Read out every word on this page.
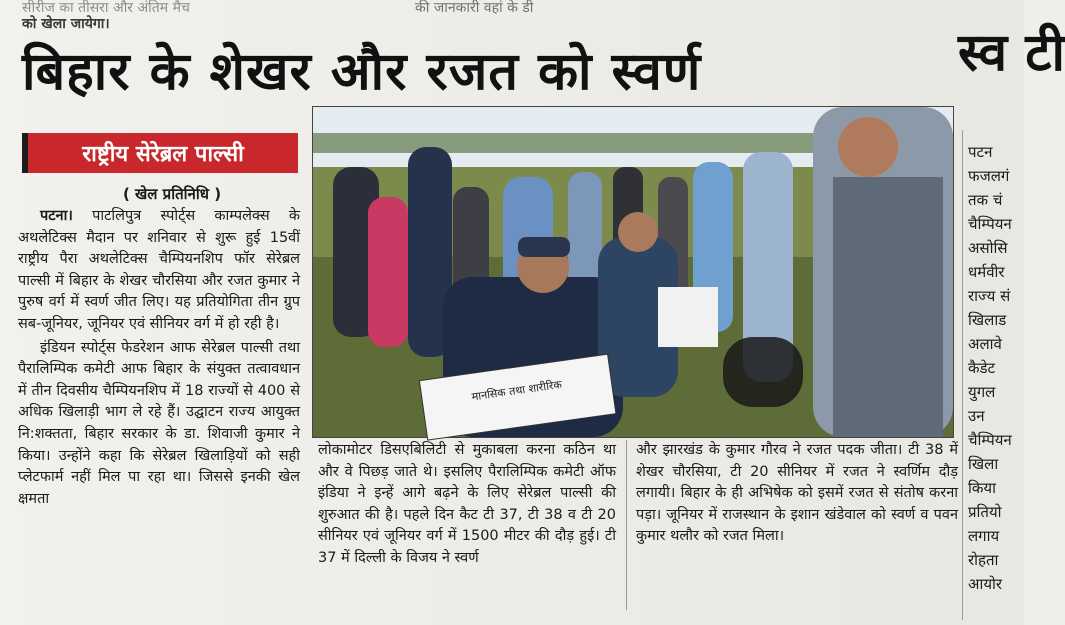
सीरीज का तीसरा और अंतिम मैच
को खेला जायेगा।
की जानकारी वहां के डी
बिहार के शेखर और रजत को स्वर्ण	स्व टी
राष्ट्रीय सेरेब्रल पाल्सी
( खेल प्रतिनिधि )

पटना। पाटलिपुत्र स्पोर्ट्स काम्पलेक्स के अथलेटिक्स मैदान पर शनिवार से शुरू हुई 15वीं राष्ट्रीय पैरा अथलेटिक्स चैम्पियनशिप फॉर सेरेब्रल पाल्सी में बिहार के शेखर चौरसिया और रजत कुमार ने पुरुष वर्ग में स्वर्ण जीत लिए। यह प्रतियोगिता तीन ग्रुप सब-जूनियर, जूनियर एवं सीनियर वर्ग में हो रही है।

इंडियन स्पोर्ट्स फेडरेशन आफ सेरेब्रल पाल्सी तथा पैरालिम्पिक कमेटी आफ बिहार के संयुक्त तत्वावधान में तीन दिवसीय चैम्पियनशिप में 18 राज्यों से 400 से अधिक खिलाड़ी भाग ले रहे हैं। उद्घाटन राज्य आयुक्त नि:शक्तता, बिहार सरकार के डा. शिवाजी कुमार ने किया। उन्होंने कहा कि सेरेब्रल खिलाड़ियों को सही प्लेटफार्म नहीं मिल पा रहा था। जिससे इनकी खेल क्षमता

मानसिक तथा शारीरिक

लोकामोटर डिसएबिलिटी से मुकाबला करना कठिन था और वे पिछड़ जाते थे। इसलिए पैरालिम्पिक कमेटी ऑफ इंडिया ने इन्हें आगे बढ़ने के लिए सेरेब्रल पाल्सी की शुरुआत की है। पहले दिन कैट टी 37, टी 38 व टी 20 सीनियर एवं जूनियर वर्ग में 1500 मीटर की दौड़ हुई। टी 37 में दिल्ली के विजय ने स्वर्ण

और झारखंड के कुमार गौरव ने रजत पदक जीता। टी 38 में शेखर चौरसिया, टी 20 सीनियर में रजत ने स्वर्णिम दौड़ लगायी। बिहार के ही अभिषेक को इसमें रजत से संतोष करना पड़ा। जूनियर में राजस्थान के इशान खंडेवाल को स्वर्ण व पवन कुमार थलौर को रजत मिला।

पटन
फजलगं
तक चं
चैम्पियन
असोसि
धर्मवीर
राज्य सं
खिलाड
अलावे
कैडेट
युगल
उन
चैम्पियन
खिला
किया
प्रतियो
लगाय
रोहता
आयोर
